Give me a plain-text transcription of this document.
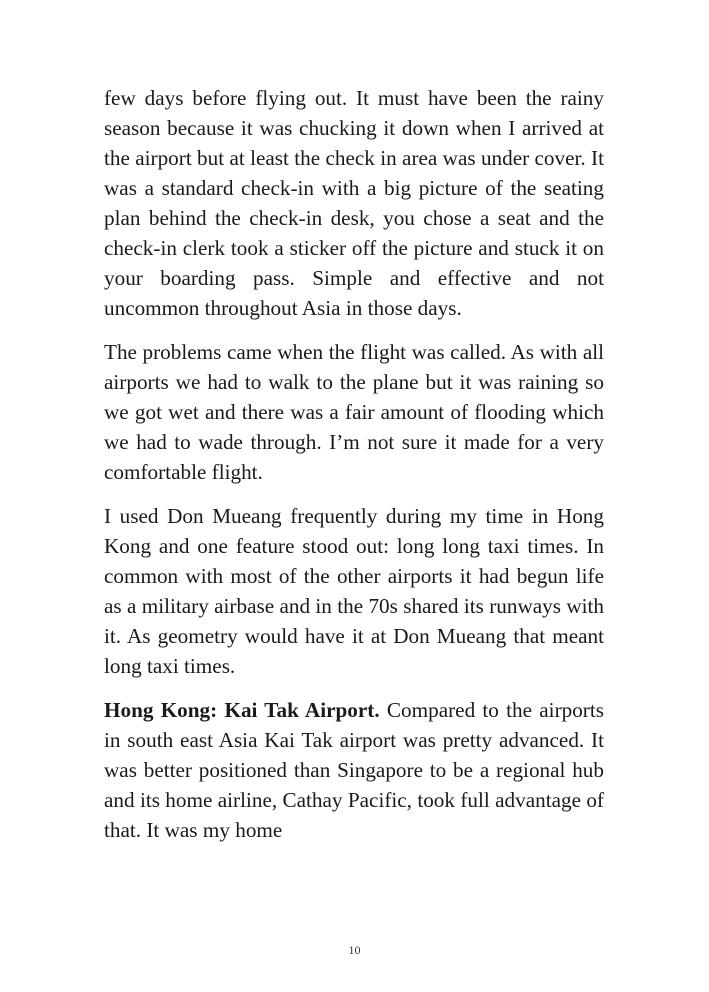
few days before flying out. It must have been the rainy season because it was chucking it down when I arrived at the airport but at least the check in area was under cover. It was a standard check-in with a big picture of the seating plan behind the check-in desk, you chose a seat and the check-in clerk took a sticker off the picture and stuck it on your boarding pass. Simple and effective and not uncommon throughout Asia in those days.

The problems came when the flight was called. As with all airports we had to walk to the plane but it was raining so we got wet and there was a fair amount of flooding which we had to wade through. I’m not sure it made for a very comfortable flight.

I used Don Mueang frequently during my time in Hong Kong and one feature stood out: long long taxi times. In common with most of the other airports it had begun life as a military airbase and in the 70s shared its runways with it. As geometry would have it at Don Mueang that meant long taxi times.

Hong Kong: Kai Tak Airport. Compared to the airports in south east Asia Kai Tak airport was pretty advanced. It was better positioned than Singapore to be a regional hub and its home airline, Cathay Pacific, took full advantage of that. It was my home

10
